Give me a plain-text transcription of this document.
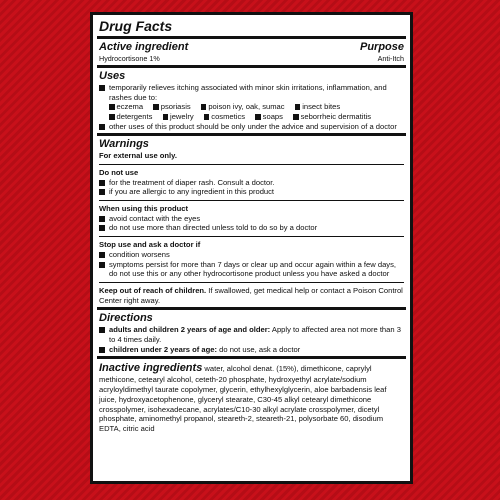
Drug Facts
Active ingredient	Purpose
Hydrocortisone 1%	Anti-Itch
Uses
temporarily relieves itching associated with minor skin irritations, inflammation, and rashes due to:
eczema psoriasis poison ivy, oak, sumac insect bites
detergents jewelry cosmetics soaps seborrheic dermatitis
other uses of this product should be only under the advice and supervision of a doctor
Warnings

For external use only.

Do not use

for the treatment of diaper rash. Consult a doctor.
if you are allergic to any ingredient in this product

When using this product

avoid contact with the eyes
do not use more than directed unless told to do so by a doctor

Stop use and ask a doctor if

condition worsens
symptoms persist for more than 7 days or clear up and occur again within a few days, do not use this or any other hydrocortisone product unless you have asked a doctor

Keep out of reach of children. If swallowed, get medical help or contact a Poison Control Center right away.

Directions
adults and children 2 years of age and older: Apply to affected area not more than 3 to 4 times daily.
children under 2 years of age: do not use, ask a doctor

Inactive ingredients water, alcohol denat. (15%), dimethicone, caprylyl methicone, cetearyl alcohol, ceteth-20 phosphate, hydroxyethyl acrylate/sodium acryloyldimethyl taurate copolymer, glycerin, ethylhexylglycerin, aloe barbadensis leaf juice, hydroxyacetophenone, glyceryl stearate, C30-45 alkyl cetearyl dimethicone crosspolymer, isohexadecane, acrylates/C10-30 alkyl acrylate crosspolymer, dicetyl phosphate, aminomethyl propanol, steareth-2, steareth-21, polysorbate 60, disodium EDTA, citric acid
